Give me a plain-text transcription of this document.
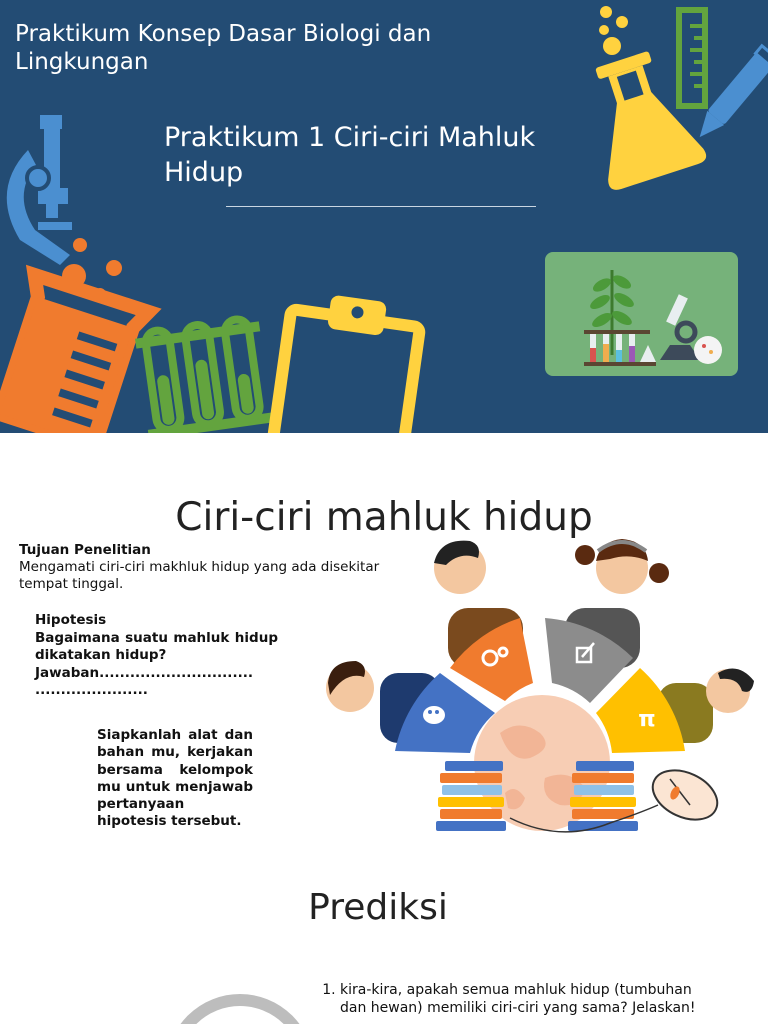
Praktikum Konsep Dasar Biologi dan Lingkungan
Praktikum 1 Ciri-ciri Mahluk Hidup
Ciri-ciri mahluk hidup
Tujuan Penelitian
Mengamati ciri-ciri makhluk hidup yang ada disekitar tempat tinggal.
Hipotesis
Bagaimana suatu mahluk hidup dikatakan hidup?
Jawaban..............................
......................
Siapkanlah alat dan bahan mu, kerjakan bersama kelompok mu untuk menjawab pertanyaan hipotesis tersebut.
π
Prediksi
1. kira-kira, apakah semua mahluk hidup (tumbuhan dan hewan) memiliki ciri-ciri yang sama? Jelaskan!
